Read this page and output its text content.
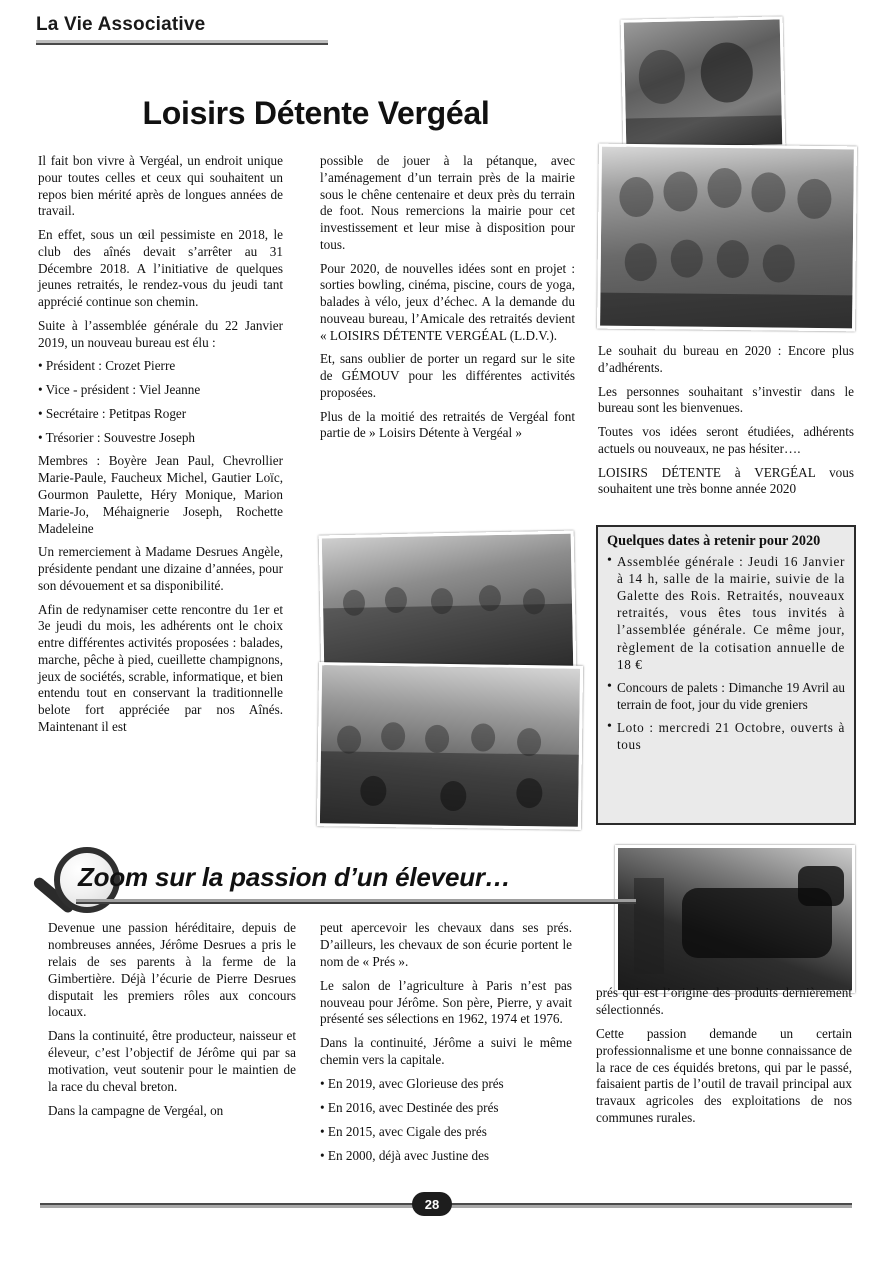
La Vie Associative
Loisirs Détente Vergéal

Il fait bon vivre à Vergéal, un endroit unique pour toutes celles et ceux qui souhaitent un repos bien mérité après de longues années de travail.

En effet, sous un œil pessimiste en 2018, le club des aînés devait s’arrêter au 31 Décembre 2018. A l’initiative de quelques jeunes retraités, le rendez-vous du jeudi tant apprécié continue son chemin.

Suite à l’assemblée générale du 22 Janvier 2019, un nouveau bureau est élu :

• Président : Crozet Pierre

• Vice - président : Viel Jeanne

• Secrétaire : Petitpas Roger

• Trésorier : Souvestre Joseph

Membres : Boyère Jean Paul, Chevrollier Marie-Paule, Faucheux Michel, Gautier Loïc, Gourmon Paulette, Héry Monique, Marion Marie-Jo, Méhaignerie Joseph, Rochette Madeleine

Un remerciement à Madame Desrues Angèle, présidente pendant une dizaine d’années, pour son dévouement et sa disponibilité.

Afin de redynamiser cette rencontre du 1er et 3e jeudi du mois, les adhérents ont le choix entre différentes activités proposées : balades, marche, pêche à pied, cueillette champignons, jeux de sociétés, scrable, informatique, et bien entendu tout en conservant la traditionnelle belote fort appréciée par nos Aînés. Maintenant il est

possible de jouer à la pétanque, avec l’aménagement d’un terrain près de la mairie sous le chêne centenaire et deux près du terrain de foot. Nous remercions la mairie pour cet investissement et leur mise à disposition pour tous.

Pour 2020, de nouvelles idées sont en projet : sorties bowling, cinéma, piscine, cours de yoga, balades à vélo, jeux d’échec. A la demande du nouveau bureau, l’Amicale des retraités devient « LOISIRS DÉTENTE VERGÉAL (L.D.V.).

Et, sans oublier de porter un regard sur le site de GÉMOUV pour les différentes activités proposées.

Plus de la moitié des retraités de Vergéal font partie de » Loisirs Détente à Vergéal »

Le souhait du bureau en 2020 : Encore plus d’adhérents.

Les personnes souhaitant s’investir dans le bureau sont les bienvenues.

Toutes vos idées seront étudiées, adhérents actuels ou nouveaux, ne pas hésiter….

LOISIRS DÉTENTE à VERGÉAL vous souhaitent une très bonne année 2020

Quelques dates à retenir pour 2020
• Assemblée générale : Jeudi 16 Janvier à 14 h, salle de la mairie, suivie de la Galette des Rois. Retraités, nouveaux retraités, vous êtes tous invités à l’assemblée générale. Ce même jour, règlement de la cotisation annuelle de 18 €
• Concours de palets : Dimanche 19 Avril au terrain de foot, jour du vide greniers
• Loto : mercredi 21 Octobre, ouverts à tous
Zoom sur la passion d’un éleveur…

Devenue une passion héréditaire, depuis de nombreuses années, Jérôme Desrues a pris le relais de ses parents à la ferme de la Gimbertière. Déjà l’écurie de Pierre Desrues disputait les premiers rôles aux concours locaux.

Dans la continuité, être producteur, naisseur et éleveur, c’est l’objectif de Jérôme qui par sa motivation, veut soutenir pour le maintien de la race du cheval breton.

Dans la campagne de Vergéal, on

peut apercevoir les chevaux dans ses prés. D’ailleurs, les chevaux de son écurie portent le nom de « Prés ».

Le salon de l’agriculture à Paris n’est pas nouveau pour Jérôme. Son père, Pierre, y avait présenté ses sélections en 1962, 1974 et 1976.

Dans la continuité, Jérôme a suivi le même chemin vers la capitale.

• En 2019, avec Glorieuse des prés

• En 2016, avec Destinée des prés

• En 2015, avec Cigale des prés

• En 2000, déjà avec Justine des

prés qui est l’origine des produits dernièrement sélectionnés.

Cette passion demande un certain professionnalisme et une bonne connaissance de la race de ces équidés bretons, qui par le passé, faisaient partis de l’outil de travail principal aux travaux agricoles des exploitations de nos communes rurales.

28
